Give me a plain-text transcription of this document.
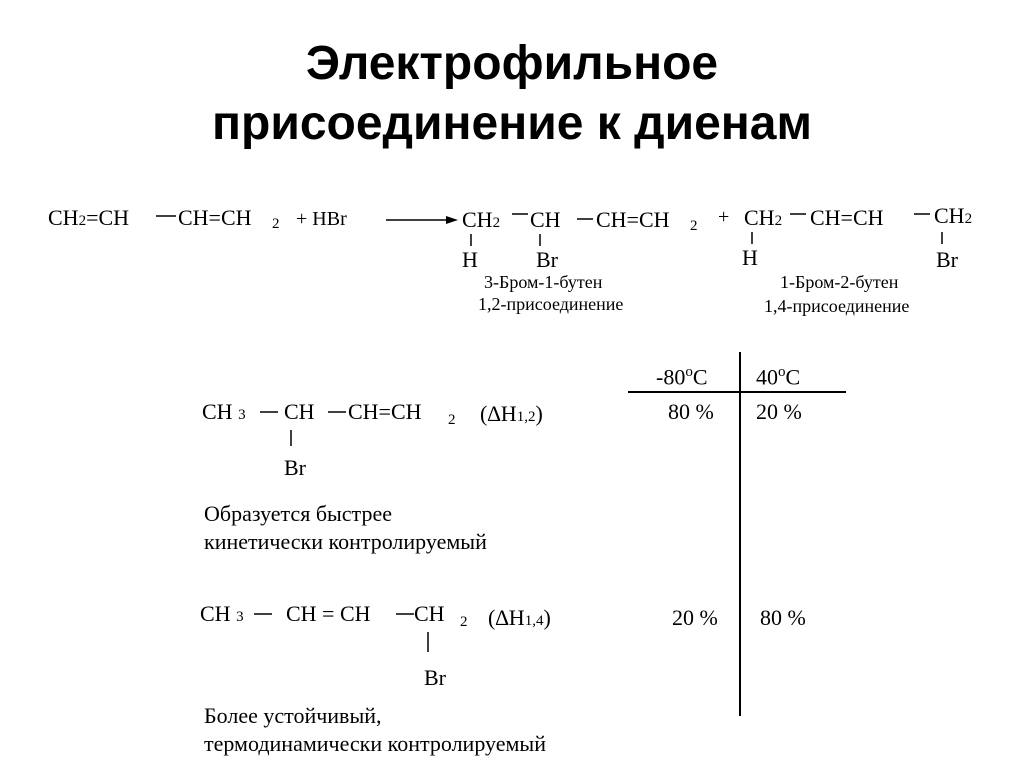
Электрофильное
присоединение к диенам
CH2=CH CH=CH 2 + HBr	CH2 CH CH=CH 2
H	Br
3-Бром-1-бутен
1,2-присоединение
+ CH2 CH=CH CH2
H	Br
1-Бром-2-бутен
1,4-присоединение
-80$^o$C 40$^o$C
CH 3 CH CH=CH 2 (∆H1,2)
Br
80 % 20 %
Образуется быстрее
кинетически контролируемый
CH 3 CH = CH CH 2 (∆H1,4)
Br
20 % 80 %
Более устойчивый,
термодинамически контролируемый
